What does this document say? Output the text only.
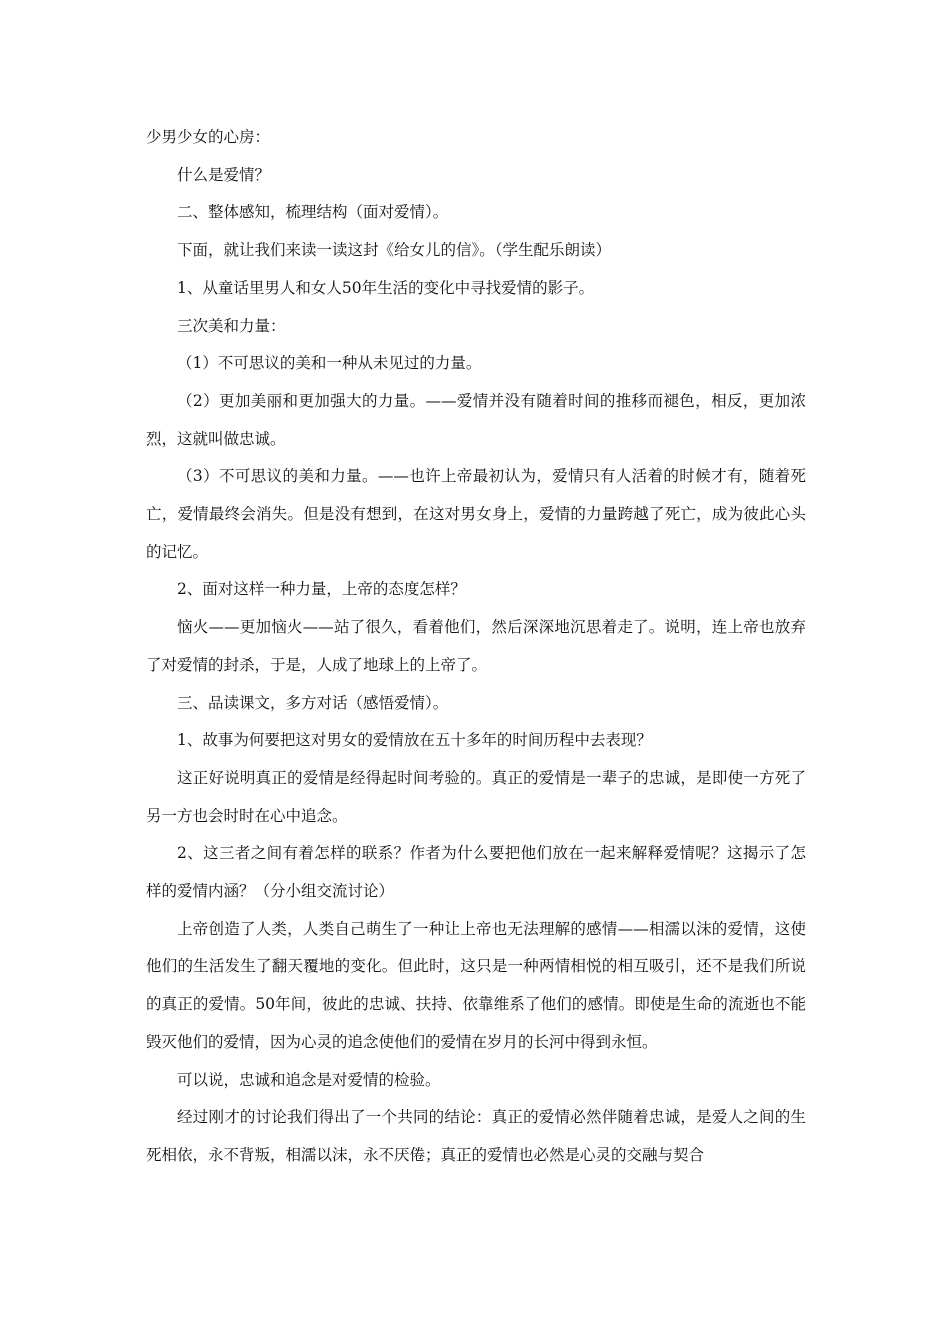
少男少女的心房：

什么是爱情？

二、整体感知，梳理结构（面对爱情）。

下面，就让我们来读一读这封《给女儿的信》。（学生配乐朗读）

1、从童话里男人和女人50年生活的变化中寻找爱情的影子。

三次美和力量：

（1）不可思议的美和一种从未见过的力量。

（2）更加美丽和更加强大的力量。——爱情并没有随着时间的推移而褪色，相反，更加浓烈，这就叫做忠诚。

（3）不可思议的美和力量。——也许上帝最初认为，爱情只有人活着的时候才有，随着死亡，爱情最终会消失。但是没有想到，在这对男女身上，爱情的力量跨越了死亡，成为彼此心头的记忆。

2、面对这样一种力量，上帝的态度怎样？

恼火——更加恼火——站了很久，看着他们，然后深深地沉思着走了。说明，连上帝也放弃了对爱情的封杀，于是，人成了地球上的上帝了。

三、品读课文，多方对话（感悟爱情）。

1、故事为何要把这对男女的爱情放在五十多年的时间历程中去表现？

这正好说明真正的爱情是经得起时间考验的。真正的爱情是一辈子的忠诚，是即使一方死了另一方也会时时在心中追念。

2、这三者之间有着怎样的联系？作者为什么要把他们放在一起来解释爱情呢？这揭示了怎样的爱情内涵？（分小组交流讨论）

上帝创造了人类，人类自己萌生了一种让上帝也无法理解的感情——相濡以沫的爱情，这使他们的生活发生了翻天覆地的变化。但此时，这只是一种两情相悦的相互吸引，还不是我们所说的真正的爱情。50年间，彼此的忠诚、扶持、依靠维系了他们的感情。即使是生命的流逝也不能毁灭他们的爱情，因为心灵的追念使他们的爱情在岁月的长河中得到永恒。

可以说，忠诚和追念是对爱情的检验。

经过刚才的讨论我们得出了一个共同的结论：真正的爱情必然伴随着忠诚，是爱人之间的生死相依，永不背叛，相濡以沫，永不厌倦；真正的爱情也必然是心灵的交融与契合
